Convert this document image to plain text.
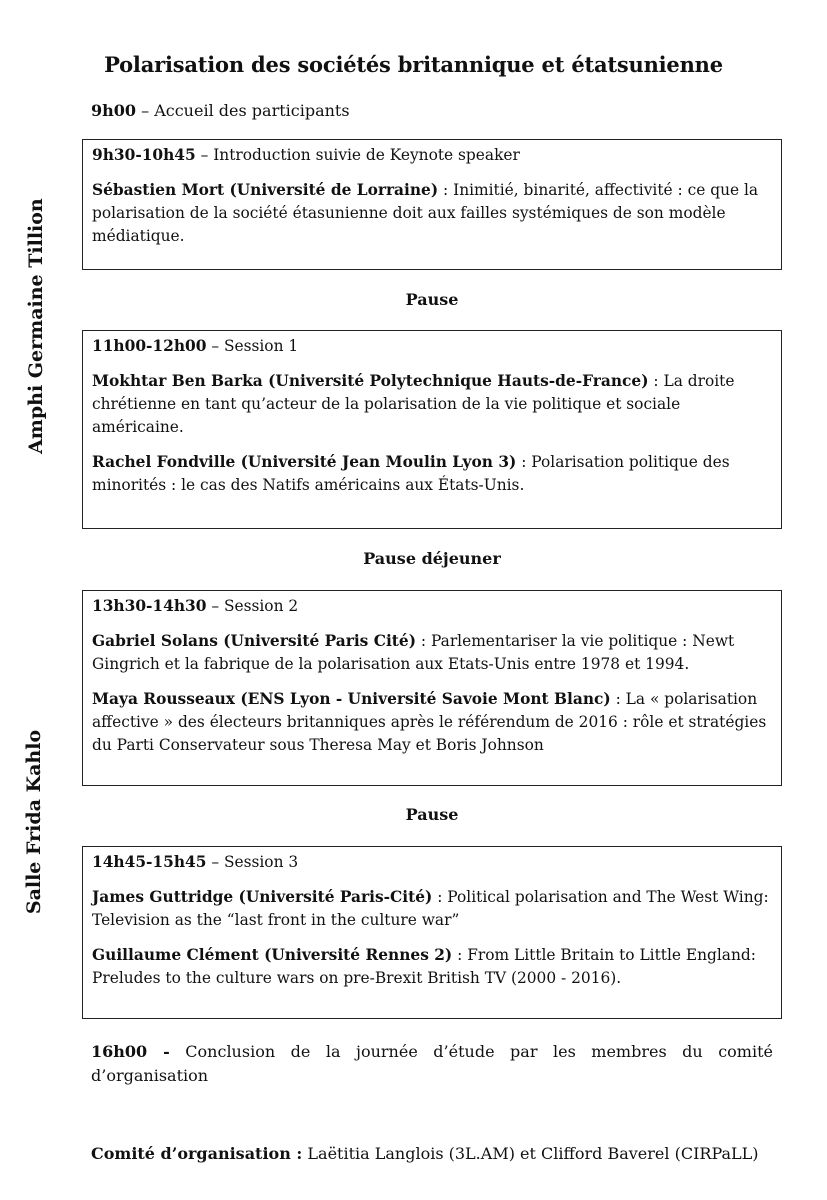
Polarisation des sociétés britannique et étatsunienne
9h00 – Accueil des participants
Amphi Germaine Tillion
Salle Frida Kahlo
9h30-10h45 – Introduction suivie de Keynote speaker

Sébastien Mort (Université de Lorraine) : Inimitié, binarité, affectivité : ce que la polarisation de la société étasunienne doit aux failles systémiques de son modèle médiatique.

Pause
11h00-12h00 – Session 1

Mokhtar Ben Barka (Université Polytechnique Hauts-de-France) : La droite chrétienne en tant qu’acteur de la polarisation de la vie politique et sociale américaine.

Rachel Fondville (Université Jean Moulin Lyon 3) : Polarisation politique des minorités : le cas des Natifs américains aux États-Unis.

Pause déjeuner
13h30-14h30 – Session 2

Gabriel Solans (Université Paris Cité) : Parlementariser la vie politique : Newt Gingrich et la fabrique de la polarisation aux Etats-Unis entre 1978 et 1994.

Maya Rousseaux (ENS Lyon - Université Savoie Mont Blanc) : La « polarisation affective » des électeurs britanniques après le référendum de 2016 : rôle et stratégies du Parti Conservateur sous Theresa May et Boris Johnson

Pause
14h45-15h45 – Session 3

James Guttridge (Université Paris-Cité) : Political polarisation and The West Wing: Television as the “last front in the culture war”

Guillaume Clément (Université Rennes 2) : From Little Britain to Little England: Preludes to the culture wars on pre-Brexit British TV (2000 - 2016).

16h00 - Conclusion de la journée d’étude par les membres du comité d’organisation
Comité d’organisation : Laëtitia Langlois (3L.AM) et Clifford Baverel (CIRPaLL)
